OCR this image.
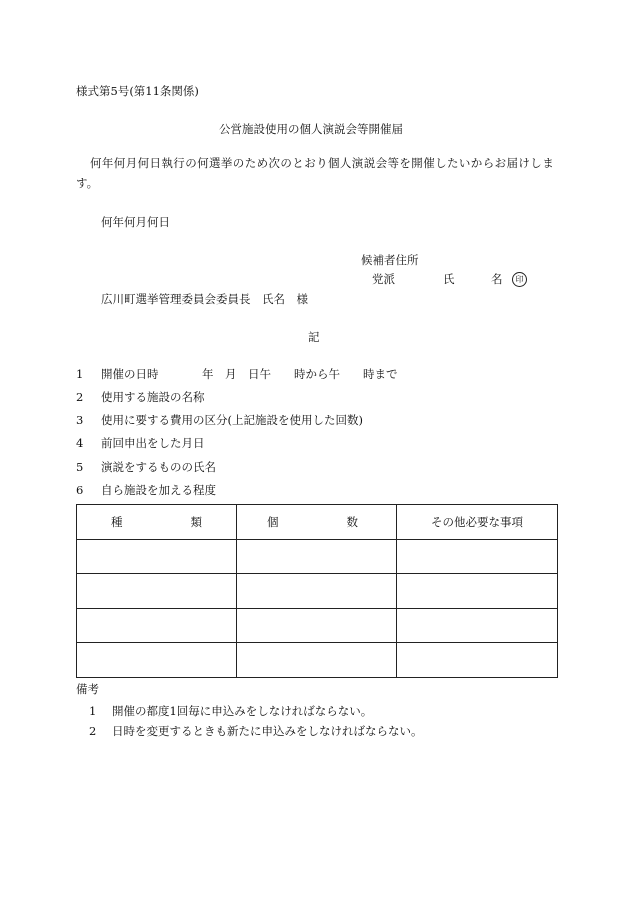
様式第5号(第11条関係)
公営施設使用の個人演説会等開催届
何年何月何日執行の何選挙のため次のとおり個人演説会等を開催したいからお届けしま
す。
何年何月何日
候補者住所
党派	氏	名	印
広川町選挙管理委員会委員長　氏名　様
記
1 開催の日時	年　月　日午　　時から午　　時まで
2 使用する施設の名称
3 使用に要する費用の区分(上記施設を使用した回数)
4 前回申出をした月日
5 演説をするものの氏名
6 自ら施設を加える程度
種 類	個 数	その他必要な事項

備考
1 開催の都度1回毎に申込みをしなければならない。
2 日時を変更するときも新たに申込みをしなければならない。
